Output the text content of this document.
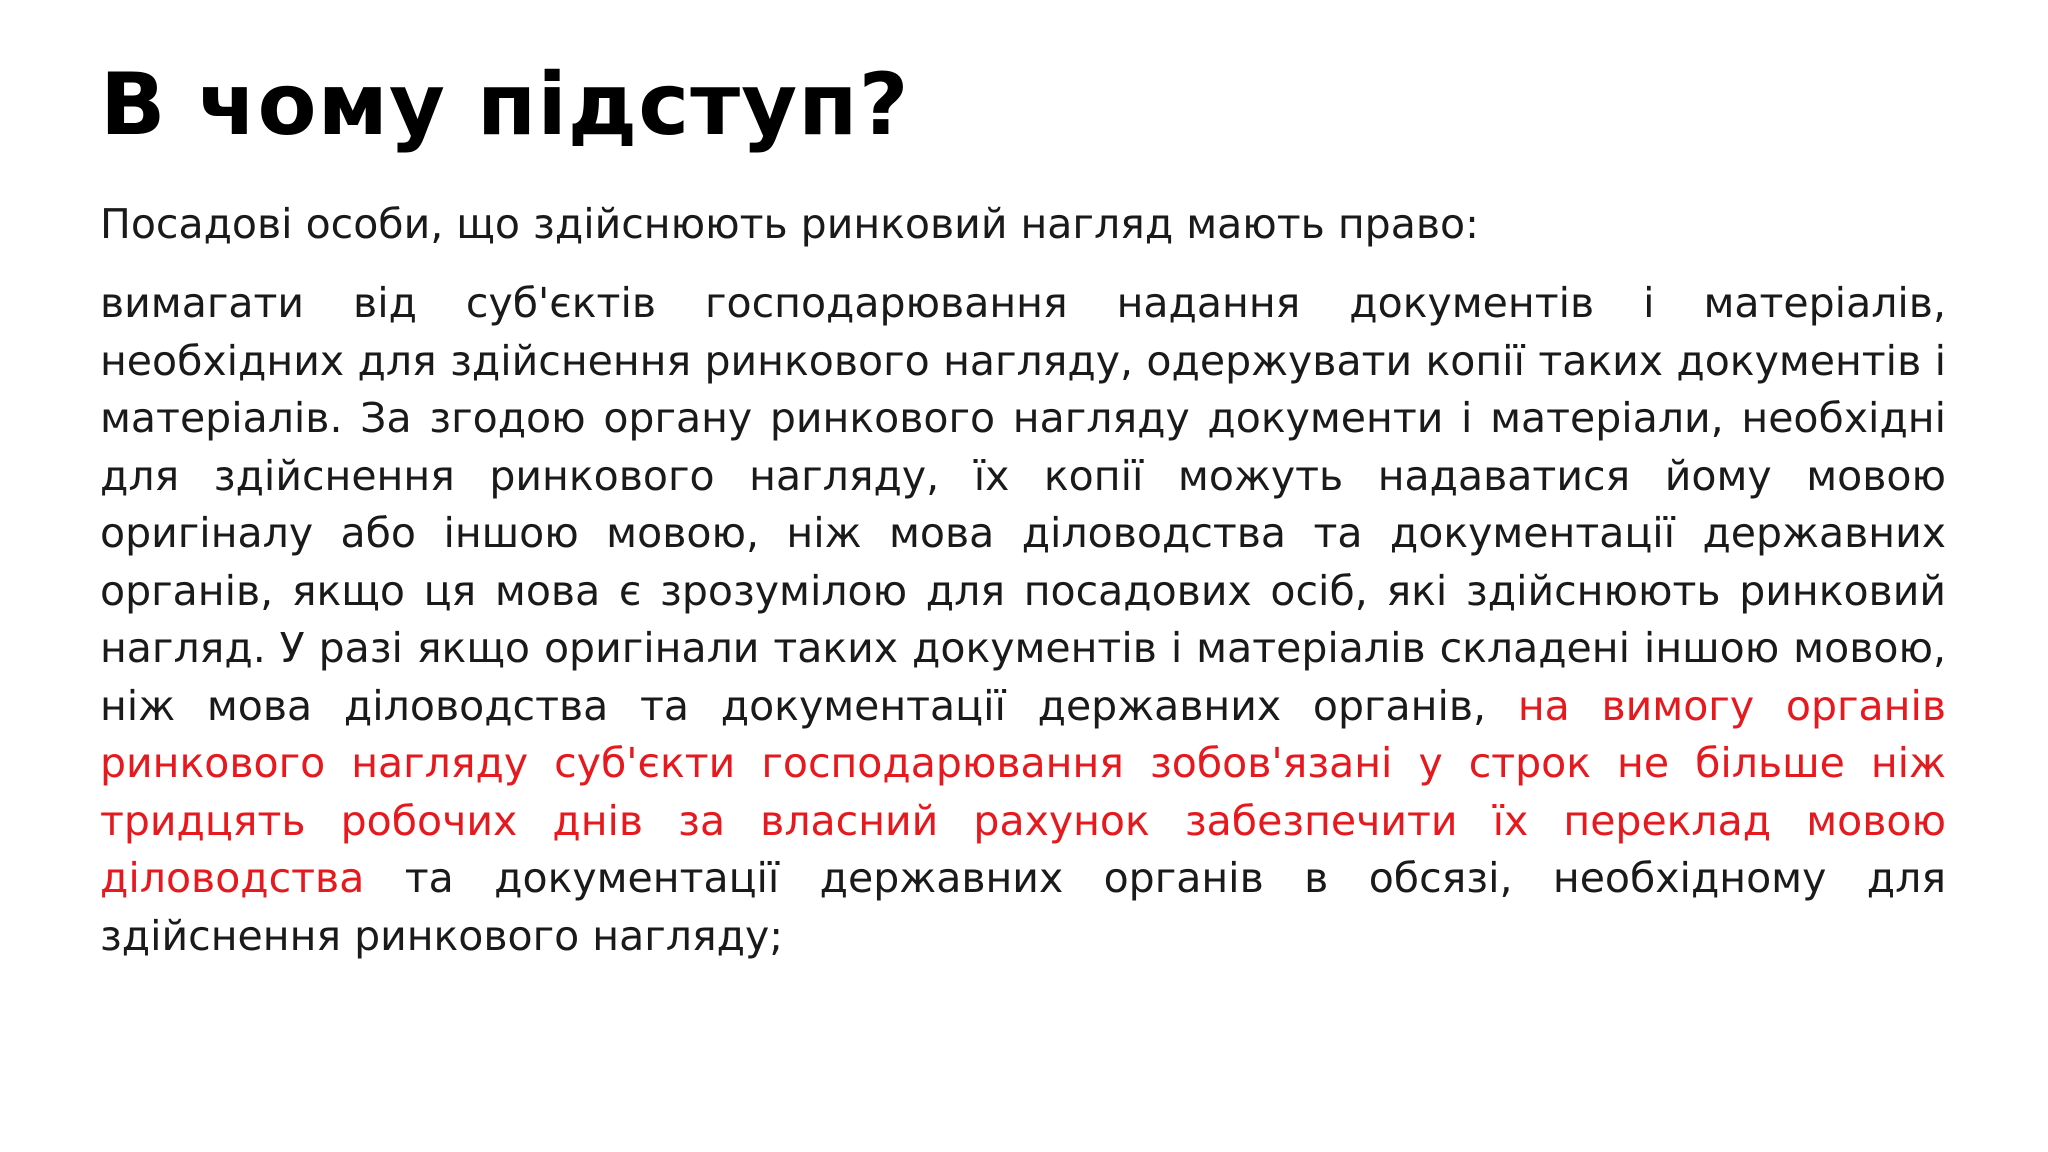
В чому підступ?

Посадові особи, що здійснюють ринковий нагляд мають право:

вимагати від суб'єктів господарювання надання документів і матеріалів, необхідних для здійснення ринкового нагляду, одержувати копії таких документів і матеріалів. За згодою органу ринкового нагляду документи і матеріали, необхідні для здійснення ринкового нагляду, їх копії можуть надаватися йому мовою оригіналу або іншою мовою, ніж мова діловодства та документації державних органів, якщо ця мова є зрозумілою для посадових осіб, які здійснюють ринковий нагляд. У разі якщо оригінали таких документів і матеріалів складені іншою мовою, ніж мова діловодства та документації державних органів, на вимогу органів ринкового нагляду суб'єкти господарювання зобов'язані у строк не більше ніж тридцять робочих днів за власний рахунок забезпечити їх переклад мовою діловодства та документації державних органів в обсязі, необхідному для здійснення ринкового нагляду;
